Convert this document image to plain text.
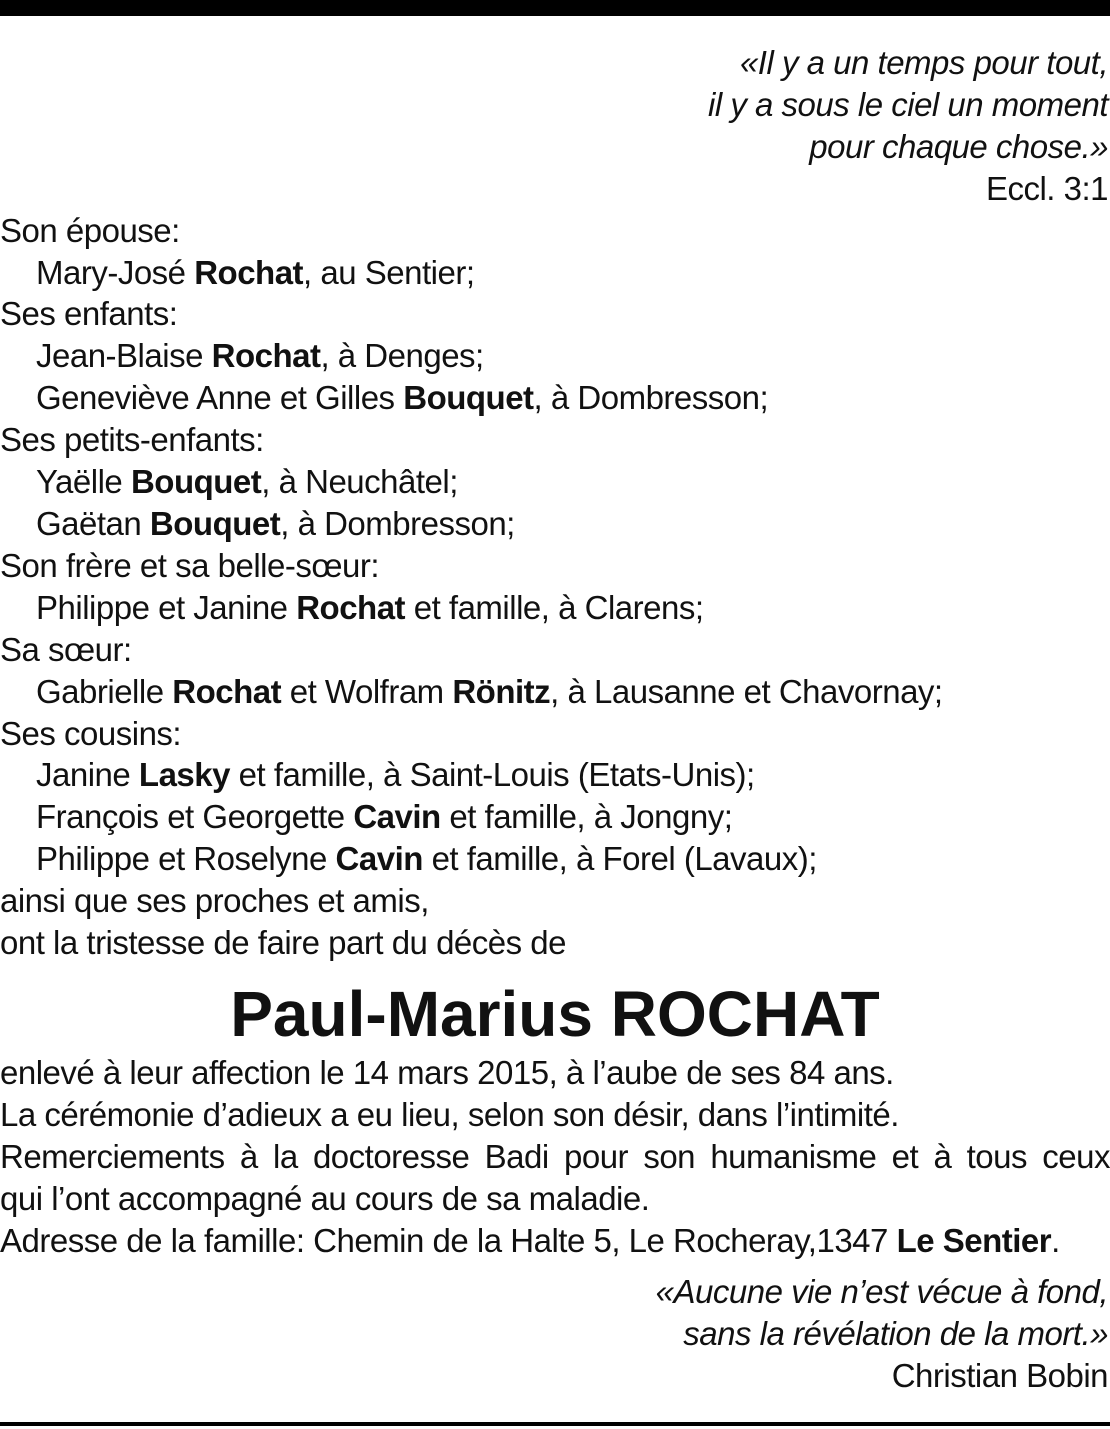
«Il y a un temps pour tout,
il y a sous le ciel un moment
pour chaque chose.»
Eccl. 3:1
Son épouse:
Mary-José Rochat, au Sentier;
Ses enfants:
Jean-Blaise Rochat, à Denges;
Geneviève Anne et Gilles Bouquet, à Dombresson;
Ses petits-enfants:
Yaëlle Bouquet, à Neuchâtel;
Gaëtan Bouquet, à Dombresson;
Son frère et sa belle-sœur:
Philippe et Janine Rochat et famille, à Clarens;
Sa sœur:
Gabrielle Rochat et Wolfram Rönitz, à Lausanne et Chavornay;
Ses cousins:
Janine Lasky et famille, à Saint-Louis (Etats-Unis);
François et Georgette Cavin et famille, à Jongny;
Philippe et Roselyne Cavin et famille, à Forel (Lavaux);
ainsi que ses proches et amis,
ont la tristesse de faire part du décès de
Paul-Marius ROCHAT
enlevé à leur affection le 14 mars 2015, à l’aube de ses 84 ans.
La cérémonie d’adieux a eu lieu, selon son désir, dans l’intimité.
Remerciements à la doctoresse Badi pour son humanisme et à tous ceux
qui l’ont accompagné au cours de sa maladie.
Adresse de la famille: Chemin de la Halte 5, Le Rocheray,1347 Le Sentier.
«Aucune vie n’est vécue à fond,
sans la révélation de la mort.»
Christian Bobin
